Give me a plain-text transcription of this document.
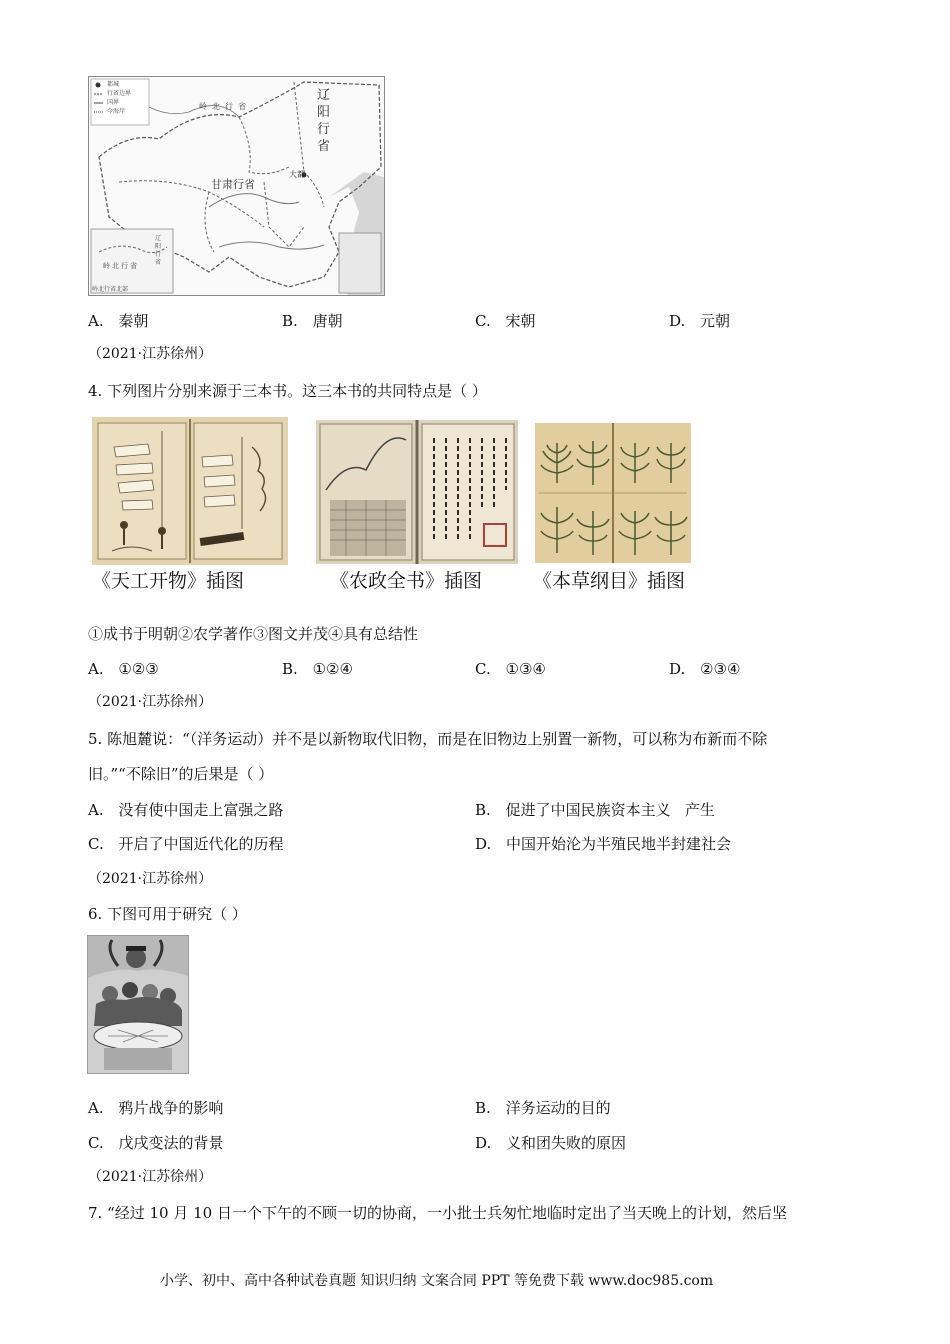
都城
行省边界
国界
今海岸
辽阳行省
岭北行省
甘肃行省
大都
岭北行省
辽阳行省
岭北行省北部
A. 秦朝	B. 唐朝	C. 宋朝	D. 元朝
（2021·江苏徐州）
4. 下列图片分别来源于三本书。这三本书的共同特点是（ ）
《天工开物》插图	《农政全书》插图	《本草纲目》插图
①成书于明朝②农学著作③图文并茂④具有总结性
A. ①②③	B. ①②④	C. ①③④	D. ②③④
（2021·江苏徐州）
5. 陈旭麓说：“（洋务运动）并不是以新物取代旧物，而是在旧物边上别置一新物，可以称为布新而不除
旧。”“不除旧”的后果是（ ）
A. 没有使中国走上富强之路	B. 促进了中国民族资本主义   产生
C. 开启了中国近代化的历程	D. 中国开始沦为半殖民地半封建社会
（2021·江苏徐州）
6. 下图可用于研究（ ）
A. 鸦片战争的影响	B. 洋务运动的目的
C. 戊戌变法的背景	D. 义和团失败的原因
（2021·江苏徐州）
7. “经过 10 月 10 日一个下午的不顾一切的协商，一小批士兵匆忙地临时定出了当天晚上的计划，然后坚
小学、初中、高中各种试卷真题 知识归纳 文案合同 PPT 等免费下载 www.doc985.com
